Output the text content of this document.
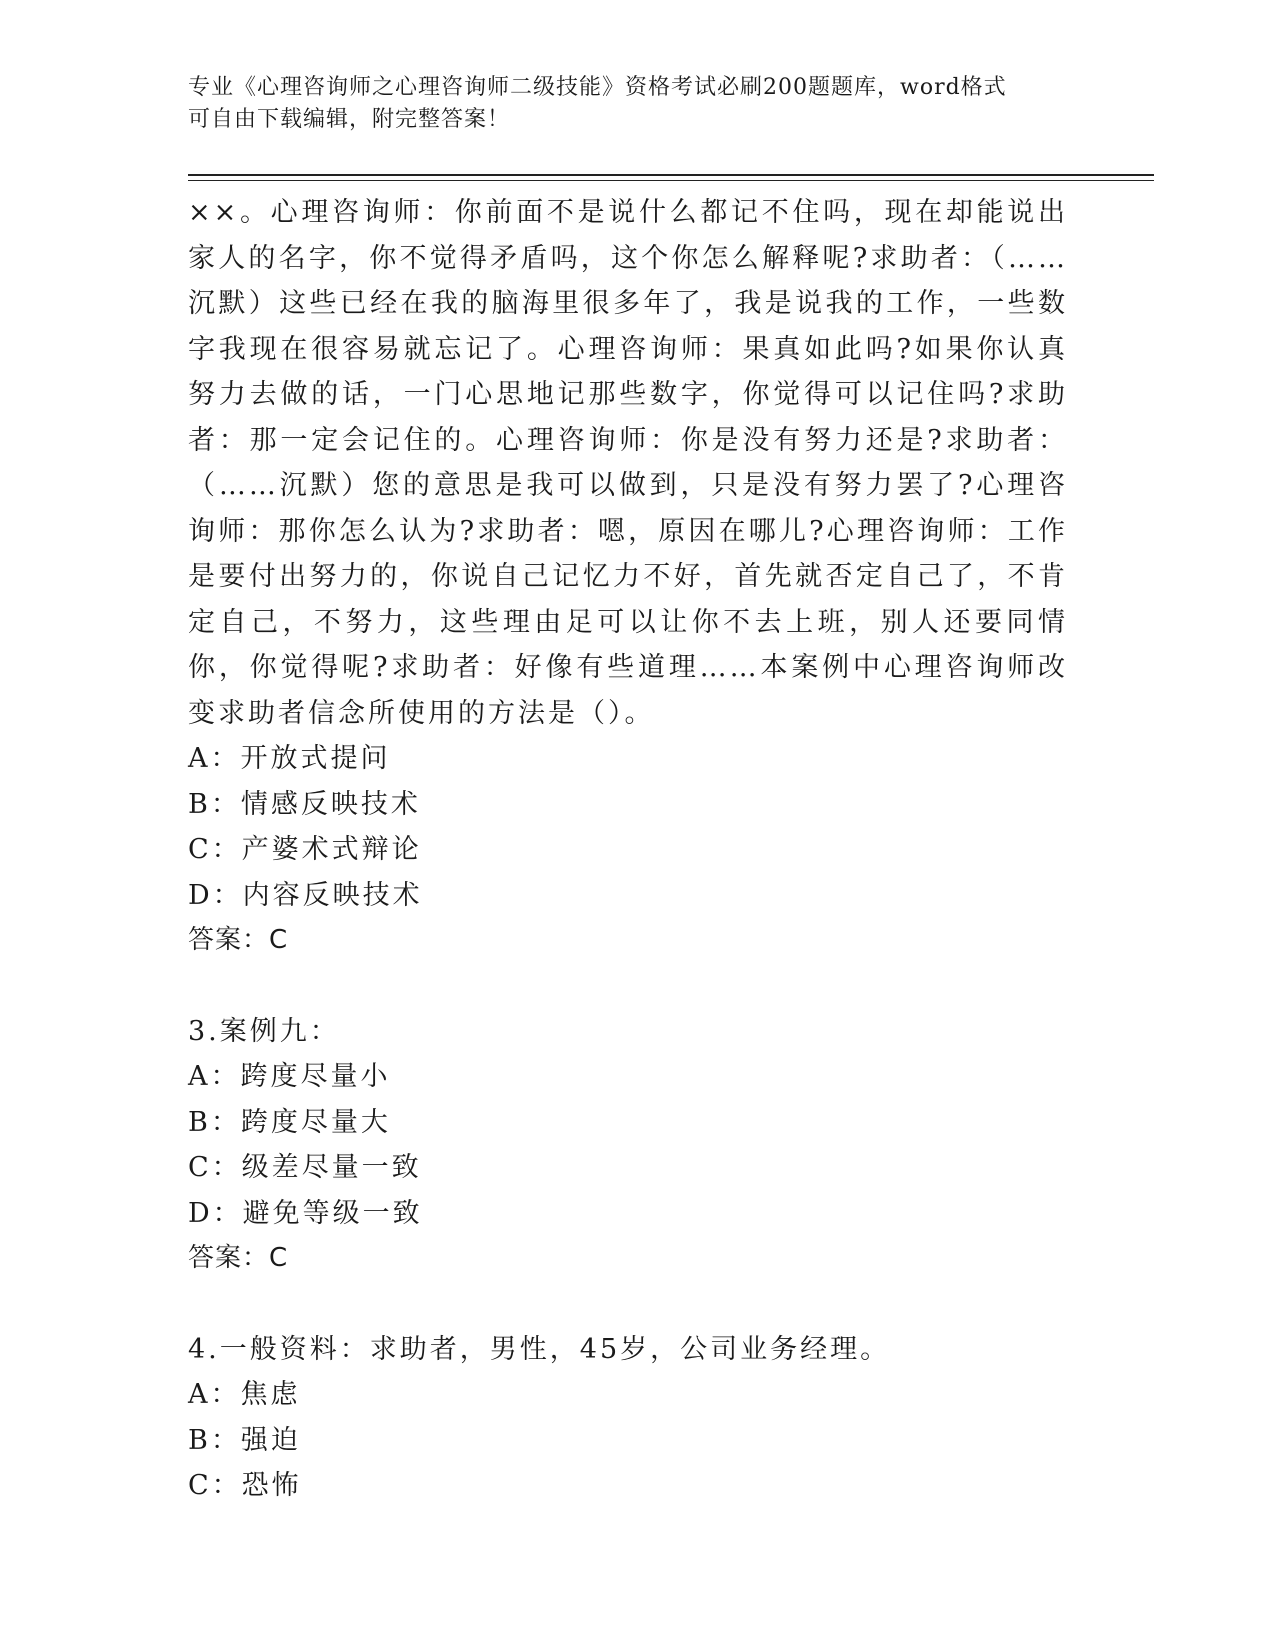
专业《心理咨询师之心理咨询师二级技能》资格考试必刷200题题库，word格式
可自由下载编辑，附完整答案！
××。心理咨询师：你前面不是说什么都记不住吗，现在却能说出家人的名字，你不觉得矛盾吗，这个你怎么解释呢?求助者：（……沉默）这些已经在我的脑海里很多年了，我是说我的工作，一些数字我现在很容易就忘记了。心理咨询师：果真如此吗?如果你认真努力去做的话，一门心思地记那些数字，你觉得可以记住吗?求助者：那一定会记住的。心理咨询师：你是没有努力还是?求助者：（……沉默）您的意思是我可以做到，只是没有努力罢了?心理咨询师：那你怎么认为?求助者：嗯，原因在哪儿?心理咨询师：工作是要付出努力的，你说自己记忆力不好，首先就否定自己了，不肯定自己，不努力，这些理由足可以让你不去上班，别人还要同情你，你觉得呢?求助者：好像有些道理……本案例中心理咨询师改变求助者信念所使用的方法是（）。
A：开放式提问
B：情感反映技术
C：产婆术式辩论
D：内容反映技术
答案：C
3.案例九：
A：跨度尽量小
B：跨度尽量大
C：级差尽量一致
D：避免等级一致
答案：C
4.一般资料：求助者，男性，45岁，公司业务经理。
A：焦虑
B：强迫
C：恐怖
